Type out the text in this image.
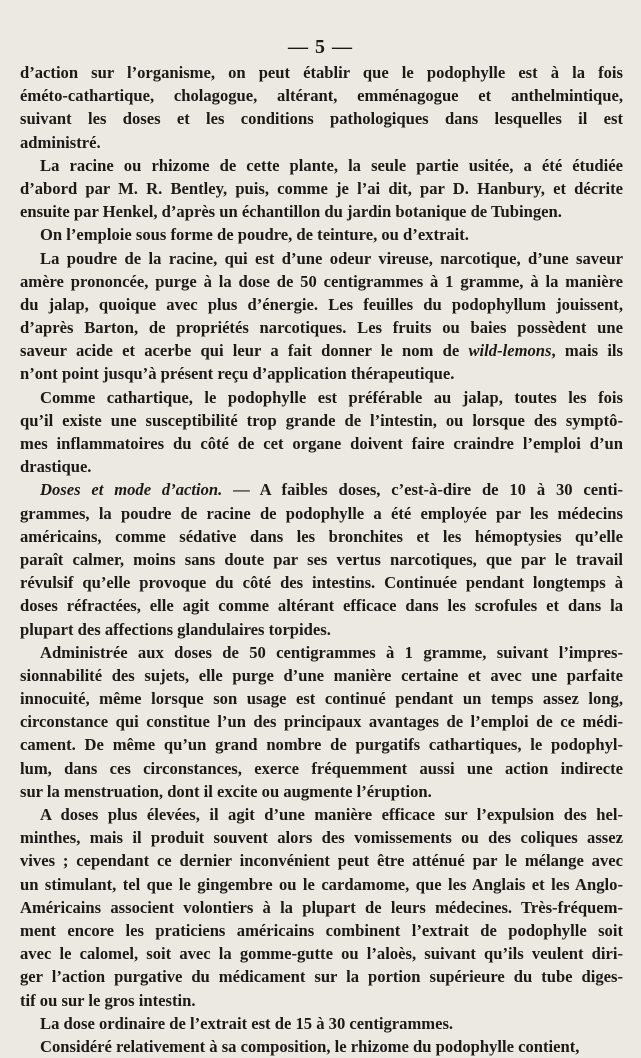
— 5 —
d’action sur l’organisme, on peut établir que le podophylle est à la fois
éméto-cathartique, cholagogue, altérant, emménagogue et anthelmintique,
suivant les doses et les conditions pathologiques dans lesquelles il est
administré.
La racine ou rhizome de cette plante, la seule partie usitée, a été étudiée
d’abord par M. R. Bentley, puis, comme je l’ai dit, par D. Hanbury, et décrite
ensuite par Henkel, d’après un échantillon du jardin botanique de Tubingen.
On l’emploie sous forme de poudre, de teinture, ou d’extrait.
La poudre de la racine, qui est d’une odeur vireuse, narcotique, d’une saveur
amère prononcée, purge à la dose de 50 centigrammes à 1 gramme, à la manière
du jalap, quoique avec plus d’énergie. Les feuilles du podophyllum jouissent,
d’après Barton, de propriétés narcotiques. Les fruits ou baies possèdent une
saveur acide et acerbe qui leur a fait donner le nom de wild-lemons, mais ils
n’ont point jusqu’à présent reçu d’application thérapeutique.
Comme cathartique, le podophylle est préférable au jalap, toutes les fois
qu’il existe une susceptibilité trop grande de l’intestin, ou lorsque des symptô-
mes inflammatoires du côté de cet organe doivent faire craindre l’emploi d’un
drastique.
Doses et mode d’action. — A faibles doses, c’est-à-dire de 10 à 30 centi-
grammes, la poudre de racine de podophylle a été employée par les médecins
américains, comme sédative dans les bronchites et les hémoptysies qu’elle
paraît calmer, moins sans doute par ses vertus narcotiques, que par le travail
révulsif qu’elle provoque du côté des intestins. Continuée pendant longtemps à
doses réfractées, elle agit comme altérant efficace dans les scrofules et dans la
plupart des affections glandulaires torpides.
Administrée aux doses de 50 centigrammes à 1 gramme, suivant l’impres-
sionnabilité des sujets, elle purge d’une manière certaine et avec une parfaite
innocuité, même lorsque son usage est continué pendant un temps assez long,
circonstance qui constitue l’un des principaux avantages de l’emploi de ce médi-
cament. De même qu’un grand nombre de purgatifs cathartiques, le podophyl-
lum, dans ces circonstances, exerce fréquemment aussi une action indirecte
sur la menstruation, dont il excite ou augmente l’éruption.
A doses plus élevées, il agit d’une manière efficace sur l’expulsion des hel-
minthes, mais il produit souvent alors des vomissements ou des coliques assez
vives ; cependant ce dernier inconvénient peut être atténué par le mélange avec
un stimulant, tel que le gingembre ou le cardamome, que les Anglais et les Anglo-
Américains associent volontiers à la plupart de leurs médecines. Très-fréquem-
ment encore les praticiens américains combinent l’extrait de podophylle soit
avec le calomel, soit avec la gomme-gutte ou l’aloès, suivant qu’ils veulent diri-
ger l’action purgative du médicament sur la portion supérieure du tube diges-
tif ou sur le gros intestin.
La dose ordinaire de l’extrait est de 15 à 30 centigrammes.
Considéré relativement à sa composition, le rhizome du podophylle contient,
